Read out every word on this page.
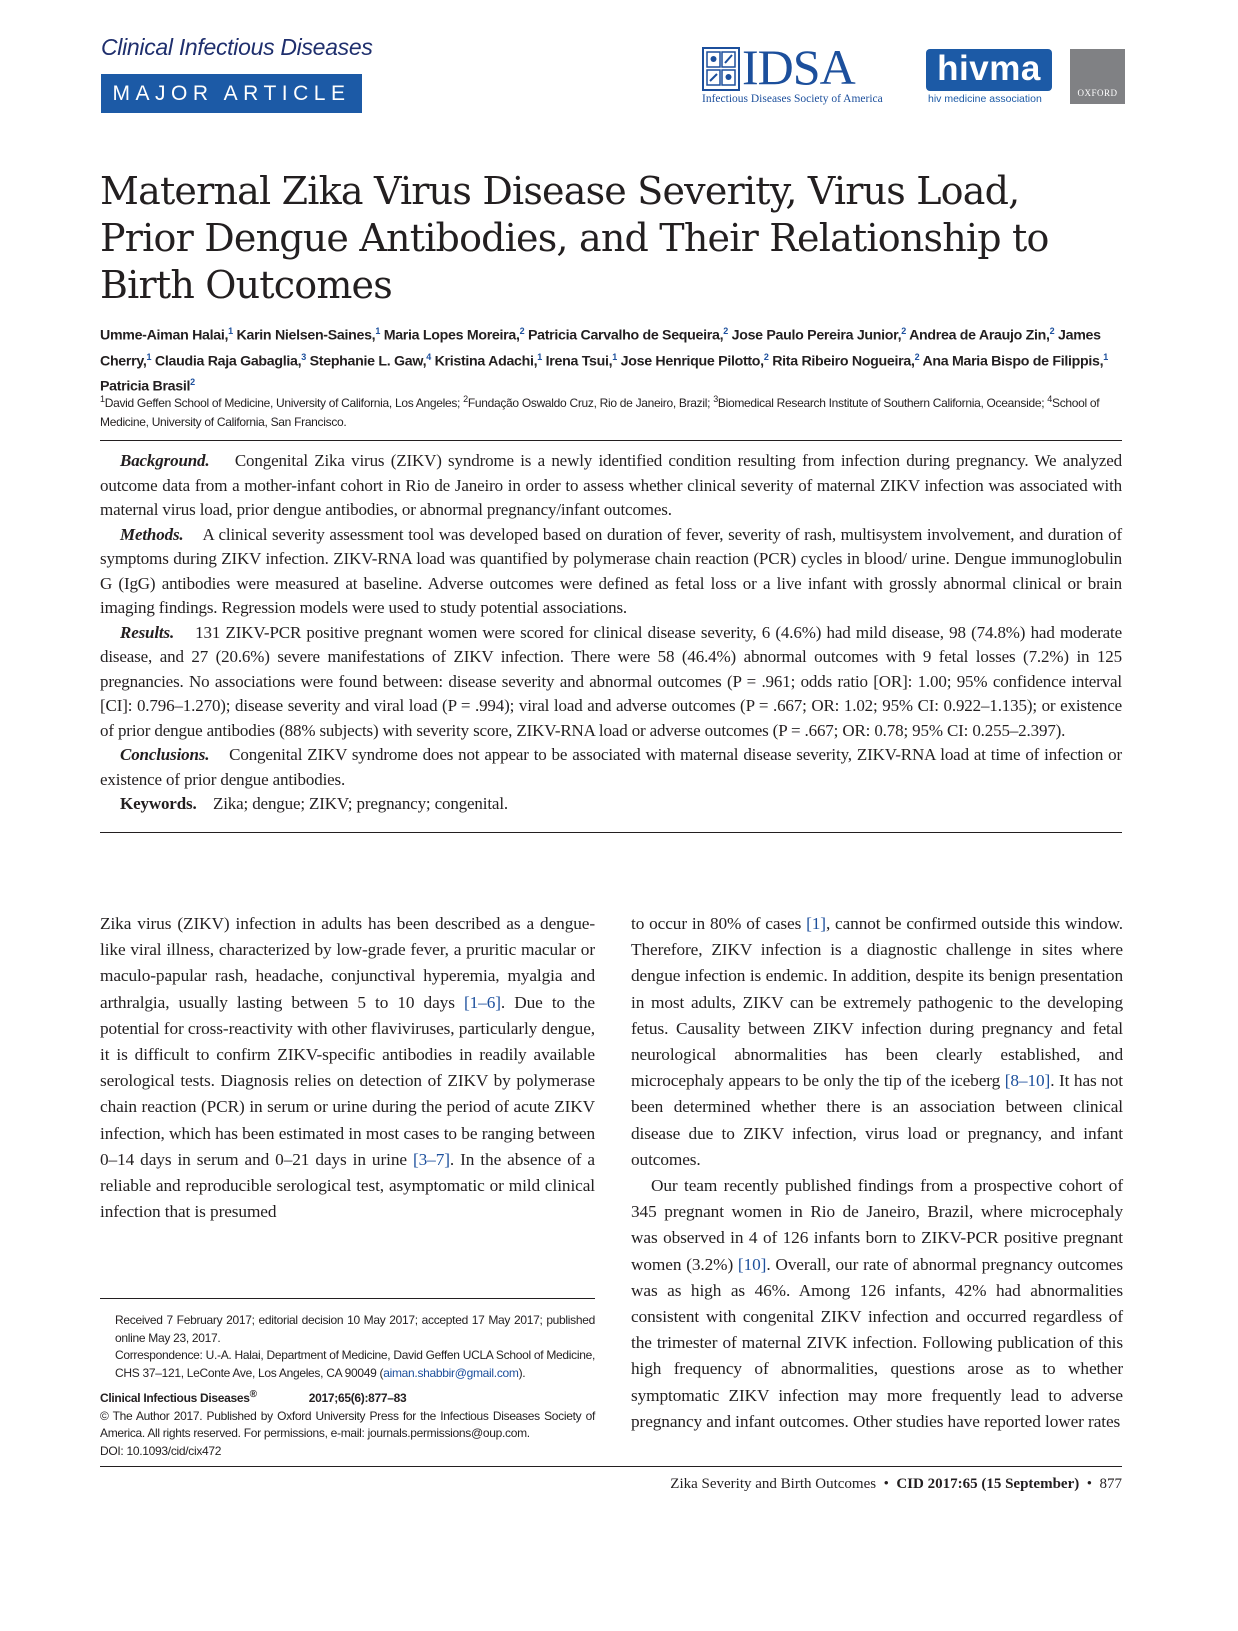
Clinical Infectious Diseases
MAJOR ARTICLE	IDSA
Infectious Diseases Society of America
hivma
hiv medicine association	OXFORD
Maternal Zika Virus Disease Severity, Virus Load, Prior Dengue Antibodies, and Their Relationship to Birth Outcomes
Umme-Aiman Halai,$^1$ Karin Nielsen-Saines,$^1$ Maria Lopes Moreira,$^2$ Patricia Carvalho de Sequeira,$^2$ Jose Paulo Pereira Junior,$^2$ Andrea de Araujo Zin,$^2$ James Cherry,$^1$ Claudia Raja Gabaglia,$^3$ Stephanie L. Gaw,$^4$ Kristina Adachi,$^1$ Irena Tsui,$^1$ Jose Henrique Pilotto,$^2$ Rita Ribeiro Nogueira,$^2$ Ana Maria Bispo de Filippis,$^1$ Patricia Brasil$^2$
$^1$David Geffen School of Medicine, University of California, Los Angeles; $^2$Fundação Oswaldo Cruz, Rio de Janeiro, Brazil; $^3$Biomedical Research Institute of Southern California, Oceanside; $^4$School of Medicine, University of California, San Francisco.

Background. Congenital Zika virus (ZIKV) syndrome is a newly identified condition resulting from infection during pregnancy. We analyzed outcome data from a mother-infant cohort in Rio de Janeiro in order to assess whether clinical severity of maternal ZIKV infection was associated with maternal virus load, prior dengue antibodies, or abnormal pregnancy/infant outcomes.

Methods. A clinical severity assessment tool was developed based on duration of fever, severity of rash, multisystem involvement, and duration of symptoms during ZIKV infection. ZIKV-RNA load was quantified by polymerase chain reaction (PCR) cycles in blood/ urine. Dengue immunoglobulin G (IgG) antibodies were measured at baseline. Adverse outcomes were defined as fetal loss or a live infant with grossly abnormal clinical or brain imaging findings. Regression models were used to study potential associations.

Results. 131 ZIKV-PCR positive pregnant women were scored for clinical disease severity, 6 (4.6%) had mild disease, 98 (74.8%) had moderate disease, and 27 (20.6%) severe manifestations of ZIKV infection. There were 58 (46.4%) abnormal outcomes with 9 fetal losses (7.2%) in 125 pregnancies. No associations were found between: disease severity and abnormal outcomes (P = .961; odds ratio [OR]: 1.00; 95% confidence interval [CI]: 0.796–1.270); disease severity and viral load (P = .994); viral load and adverse outcomes (P = .667; OR: 1.02; 95% CI: 0.922–1.135); or existence of prior dengue antibodies (88% subjects) with severity score, ZIKV-RNA load or adverse outcomes (P = .667; OR: 0.78; 95% CI: 0.255–2.397).

Conclusions. Congenital ZIKV syndrome does not appear to be associated with maternal disease severity, ZIKV-RNA load at time of infection or existence of prior dengue antibodies.

Keywords. Zika; dengue; ZIKV; pregnancy; congenital.

Zika virus (ZIKV) infection in adults has been described as a dengue-like viral illness, characterized by low-grade fever, a pruritic macular or maculo-papular rash, headache, conjunctival hyperemia, myalgia and arthralgia, usually lasting between 5 to 10 days [1–6]. Due to the potential for cross-reactivity with other flaviviruses, particularly dengue, it is difficult to confirm ZIKV-specific antibodies in readily available serological tests. Diagnosis relies on detection of ZIKV by polymerase chain reaction (PCR) in serum or urine during the period of acute ZIKV infection, which has been estimated in most cases to be ranging between 0–14 days in serum and 0–21 days in urine [3–7]. In the absence of a reliable and reproducible serological test, asymptomatic or mild clinical infection that is presumed

to occur in 80% of cases [1], cannot be confirmed outside this window. Therefore, ZIKV infection is a diagnostic challenge in sites where dengue infection is endemic. In addition, despite its benign presentation in most adults, ZIKV can be extremely pathogenic to the developing fetus. Causality between ZIKV infection during pregnancy and fetal neurological abnormalities has been clearly established, and microcephaly appears to be only the tip of the iceberg [8–10]. It has not been determined whether there is an association between clinical disease due to ZIKV infection, virus load or pregnancy, and infant outcomes.

Our team recently published findings from a prospective cohort of 345 pregnant women in Rio de Janeiro, Brazil, where microcephaly was observed in 4 of 126 infants born to ZIKV-PCR positive pregnant women (3.2%) [10]. Overall, our rate of abnormal pregnancy outcomes was as high as 46%. Among 126 infants, 42% had abnormalities consistent with congenital ZIKV infection and occurred regardless of the trimester of maternal ZIVK infection. Following publication of this high frequency of abnormalities, questions arose as to whether symptomatic ZIKV infection may more frequently lead to adverse pregnancy and infant outcomes. Other studies have reported lower rates

Received 7 February 2017; editorial decision 10 May 2017; accepted 17 May 2017; published online May 23, 2017.

Correspondence: U.-A. Halai, Department of Medicine, David Geffen UCLA School of Medicine, CHS 37–121, LeConte Ave, Los Angeles, CA 90049 (aiman.shabbir@gmail.com).

Clinical Infectious Diseases®	2017;65(6):877–83

© The Author 2017. Published by Oxford University Press for the Infectious Diseases Society of America. All rights reserved. For permissions, e-mail: journals.permissions@oup.com.

DOI: 10.1093/cid/cix472

Zika Severity and Birth Outcomes • CID 2017:65 (15 September) • 877
